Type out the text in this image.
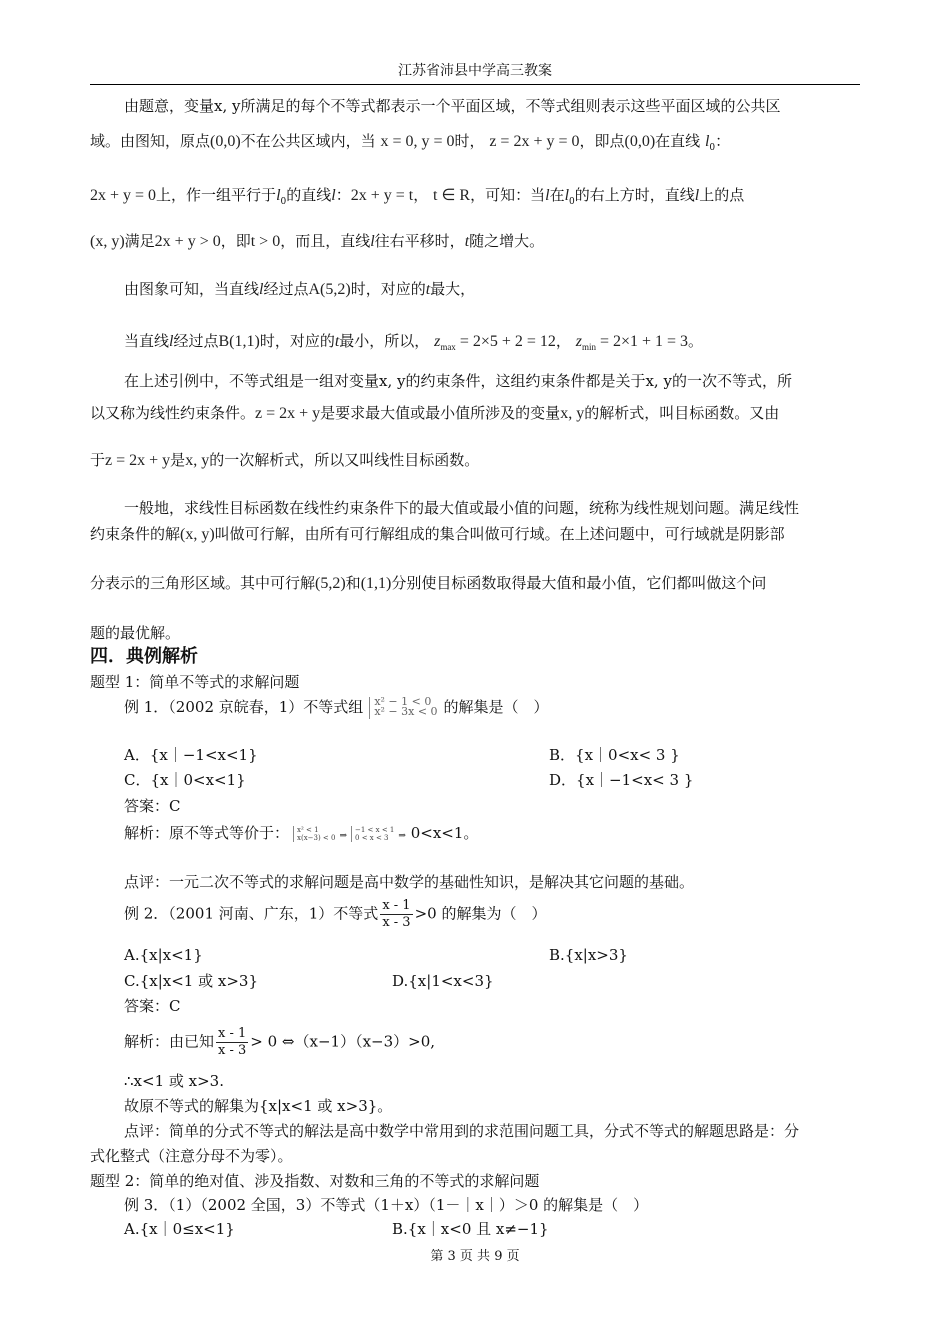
江苏省沛县中学高三教案
由题意，变量x, y所满足的每个不等式都表示一个平面区域，不等式组则表示这些平面区域的公共区
域。由图知，原点(0,0)不在公共区域内，当 x = 0, y = 0时， z = 2x + y = 0，即点(0,0)在直线 $l_0$：
2x + y = 0上，作一组平行于$l_0$的直线l：2x + y = t， t ∈ R，可知：当l在$l_0$的右上方时，直线l上的点
(x, y)满足2x + y > 0，即t > 0，而且，直线l往右平移时，t随之增大。
由图象可知，当直线l经过点A(5,2)时，对应的t最大，
当直线l经过点B(1,1)时，对应的t最小，所以， $z_{max} = 2\times 5 + 2 = 12$， $z_{min} = 2\times 1 + 1 = 3$。
在上述引例中，不等式组是一组对变量x, y的约束条件，这组约束条件都是关于x, y的一次不等式，所
以又称为线性约束条件。z = 2x + y是要求最大值或最小值所涉及的变量x, y的解析式，叫目标函数。又由
于z = 2x + y是x, y的一次解析式，所以又叫线性目标函数。
一般地，求线性目标函数在线性约束条件下的最大值或最小值的问题，统称为线性规划问题。满足线性
约束条件的解(x, y)叫做可行解，由所有可行解组成的集合叫做可行域。在上述问题中，可行域就是阴影部
分表示的三角形区域。其中可行解(5,2)和(1,1)分别使目标函数取得最大值和最小值，它们都叫做这个问
题的最优解。
四．典例解析
题型 1：简单不等式的求解问题
例 1．（2002 京皖春，1）不等式组 x² − 1 < 0
x² − 3x < 0 的解集是（　）
A．{x｜−1<x<1}	B．{x｜0<x< 3 }
C．{x｜0<x<1}	D．{x｜−1<x< 3 }
答案：C
解析：原不等式等价于： x² < 1
x(x−3) < 0 ⇒
−1 < x < 1
0 < x < 3	⇒ 0<x<1。
点评：一元二次不等式的求解问题是高中数学的基础性知识，是解决其它问题的基础。
例 2．（2001 河南、广东，1）不等式 $\frac{x - 1}{x - 3} >0$ 的解集为（　）
A.{x|x<1}	B.{x|x>3}
C.{x|x<1 或 x>3}	D.{x|1<x<3}
答案：C
解析：由已知 $\frac{x - 1}{x - 3} > 0$ ⇔（x−1）（x−3）>0,
∴x<1 或 x>3.
故原不等式的解集为{x|x<1 或 x>3}。
点评：简单的分式不等式的解法是高中数学中常用到的求范围问题工具，分式不等式的解题思路是：分
式化整式（注意分母不为零）。
题型 2：简单的绝对值、涉及指数、对数和三角的不等式的求解问题
例 3．（1）（2002 全国，3）不等式（1＋x）（1－｜x｜）＞0 的解集是（　）
A.{x｜0≤x<1}	B.{x｜x<0 且 x≠−1}
第 3 页 共 9 页
